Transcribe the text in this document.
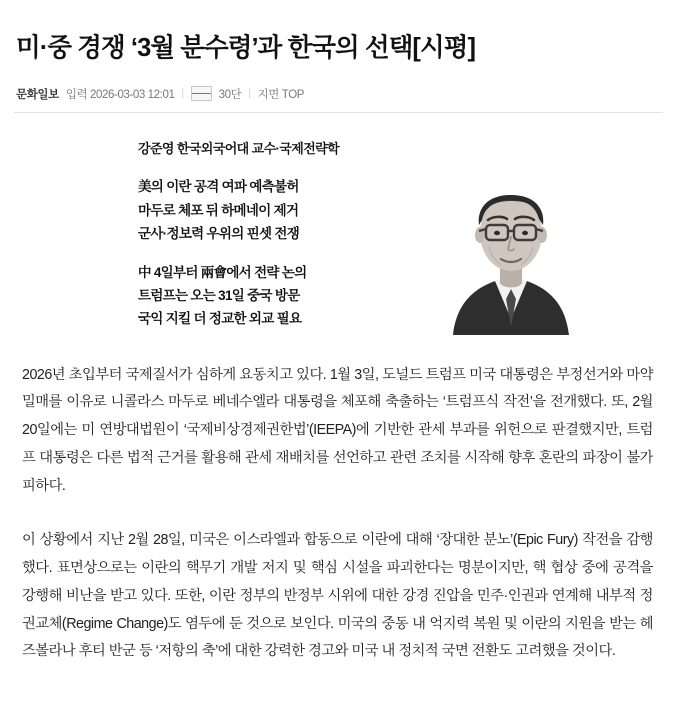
미·중 경쟁 ‘3월 분수령’과 한국의 선택[시평]
문화일보 입력 2026-03-03 12:01 |	30단 | 지면 TOP
강준영 한국외국어대 교수·국제전략학
美의 이란 공격 여파 예측불허
마두로 체포 뒤 하메네이 제거
군사·정보력 우위의 핀셋 전쟁
中 4일부터 兩會에서 전략 논의
트럼프는 오는 31일 중국 방문
국익 지킬 더 정교한 외교 필요

2026년 초입부터 국제질서가 심하게 요동치고 있다. 1월 3일, 도널드 트럼프 미국 대통령은 부정선거와 마약 밀매를 이유로 니콜라스 마두로 베네수엘라 대통령을 체포해 축출하는 ‘트럼프식 작전’을 전개했다. 또, 2월 20일에는 미 연방대법원이 ‘국제비상경제권한법’(IEEPA)에 기반한 관세 부과를 위헌으로 판결했지만, 트럼프 대통령은 다른 법적 근거를 활용해 관세 재배치를 선언하고 관련 조치를 시작해 향후 혼란의 파장이 불가피하다.

이 상황에서 지난 2월 28일, 미국은 이스라엘과 합동으로 이란에 대해 ‘장대한 분노’(Epic Fury) 작전을 감행했다. 표면상으로는 이란의 핵무기 개발 저지 및 핵심 시설을 파괴한다는 명분이지만, 핵 협상 중에 공격을 강행해 비난을 받고 있다. 또한, 이란 정부의 반정부 시위에 대한 강경 진압을 민주·인권과 연계해 내부적 정권교체(Regime Change)도 염두에 둔 것으로 보인다. 미국의 중동 내 억지력 복원 및 이란의 지원을 받는 헤즈볼라나 후티 반군 등 ‘저항의 축’에 대한 강력한 경고와 미국 내 정치적 국면 전환도 고려했을 것이다.
